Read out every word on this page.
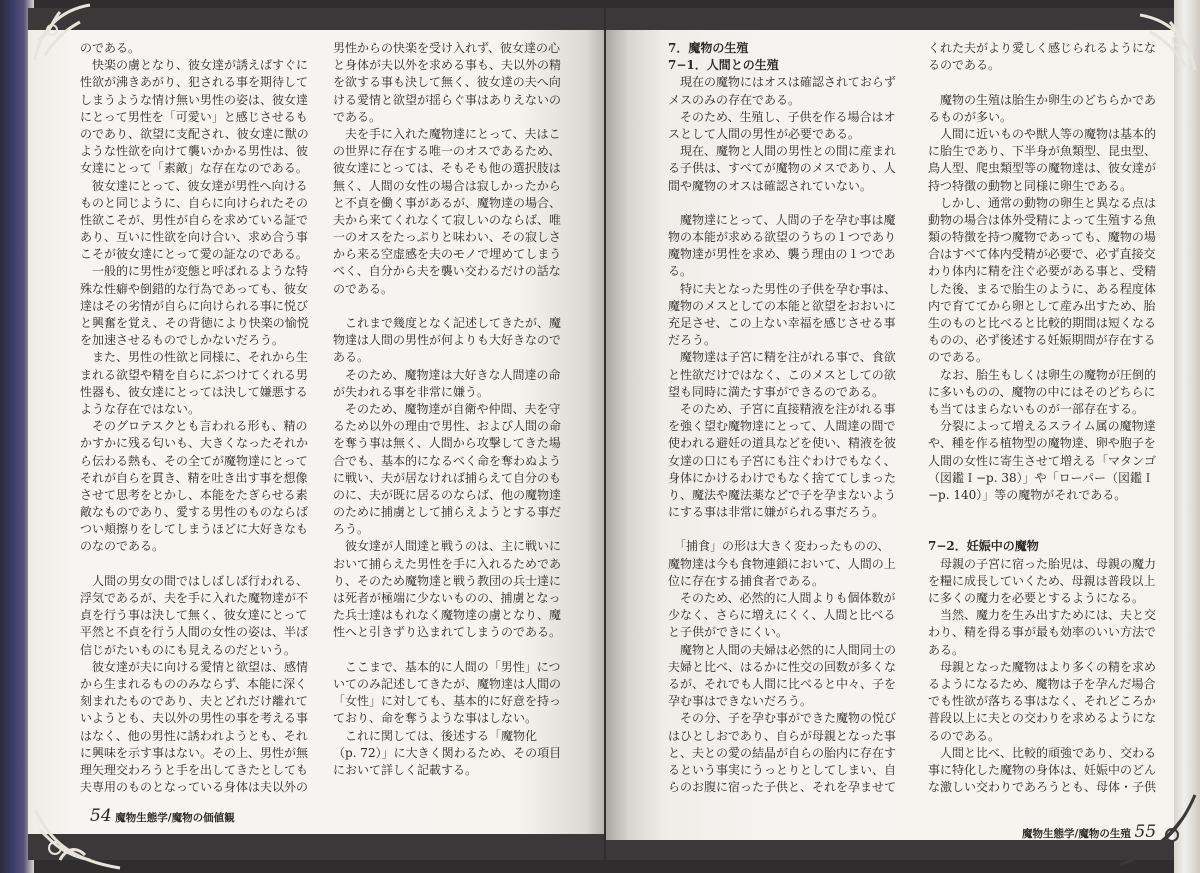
のである。
　快楽の虜となり、彼女達が誘えばすぐに
性欲が沸きあがり、犯される事を期待して
しまうような情け無い男性の姿は、彼女達
にとって男性を「可愛い」と感じさせるも
のであり、欲望に支配され、彼女達に獣の
ような性欲を向けて襲いかかる男性は、彼
女達にとって「素敵」な存在なのである。
　彼女達にとって、彼女達が男性へ向ける
ものと同じように、自らに向けられたその
性欲こそが、男性が自らを求めている証で
あり、互いに性欲を向け合い、求め合う事
こそが彼女達にとって愛の証なのである。
　一般的に男性が変態と呼ばれるような特
殊な性癖や倒錯的な行為であっても、彼女
達はその劣情が自らに向けられる事に悦び
と興奮を覚え、その背徳により快楽の愉悦
を加速させるものでしかないだろう。
　また、男性の性欲と同様に、それから生
まれる欲望や精を自らにぶつけてくれる男
性器も、彼女達にとっては決して嫌悪する
ような存在ではない。
　そのグロテスクとも言われる形も、精の
かすかに残る匂いも、大きくなったそれか
ら伝わる熱も、その全てが魔物達にとって
それが自らを貫き、精を吐き出す事を想像
させて思考をとかし、本能をたぎらせる素
敵なものであり、愛する男性のものならば
つい頬擦りをしてしまうほどに大好きなも
のなのである。
　人間の男女の間ではしばしば行われる、
浮気であるが、夫を手に入れた魔物達が不
貞を行う事は決して無く、彼女達にとって
平然と不貞を行う人間の女性の姿は、半ば
信じがたいものにも見えるのだという。
　彼女達が夫に向ける愛情と欲望は、感情
から生まれるもののみならず、本能に深く
刻まれたものであり、夫とどれだけ離れて
いようとも、夫以外の男性の事を考える事
はなく、他の男性に誘われようとも、それ
に興味を示す事はない。その上、男性が無
理矢理交わろうと手を出してきたとしても
夫専用のものとなっている身体は夫以外の
男性からの快楽を受け入れず、彼女達の心
と身体が夫以外を求める事も、夫以外の精
を欲する事も決して無く、彼女達の夫へ向
ける愛情と欲望が揺らぐ事はありえないの
である。
　夫を手に入れた魔物達にとって、夫はこ
の世界に存在する唯一のオスであるため、
彼女達にとっては、そもそも他の選択肢は
無く、人間の女性の場合は寂しかったから
と不貞を働く事があるが、魔物達の場合、
夫から来てくれなくて寂しいのならば、唯
一のオスをたっぷりと味わい、その寂しさ
から来る空虚感を夫のモノで埋めてしまう
べく、自分から夫を襲い交わるだけの話な
のである。
　これまで幾度となく記述してきたが、魔
物達は人間の男性が何よりも大好きなので
ある。
　そのため、魔物達は大好きな人間達の命
が失われる事を非常に嫌う。
　そのため、魔物達が自衛や仲間、夫を守
るため以外の理由で男性、および人間の命
を奪う事は無く、人間から攻撃してきた場
合でも、基本的になるべく命を奪わぬよう
に戦い、夫が居なければ捕らえて自分のも
のに、夫が既に居るのならば、他の魔物達
のために捕虜として捕らえようとする事だ
ろう。
　彼女達が人間達と戦うのは、主に戦いに
おいて捕らえた男性を手に入れるためであ
り、そのため魔物達と戦う教団の兵士達に
は死者が極端に少ないものの、捕虜となっ
た兵士達はもれなく魔物達の虜となり、魔
性へと引きずり込まれてしまうのである。
　ここまで、基本的に人間の「男性」につ
いてのみ記述してきたが、魔物達は人間の
「女性」に対しても、基本的に好意を持っ
ており、命を奪うような事はしない。
　これに関しては、後述する「魔物化
（p. 72）」に大きく関わるため、その項目
において詳しく記載する。
7．魔物の生殖
7−1．人間との生殖
　現在の魔物にはオスは確認されておらず
メスのみの存在である。
　そのため、生殖し、子供を作る場合はオ
スとして人間の男性が必要である。
　現在、魔物と人間の男性との間に産まれ
る子供は、すべてが魔物のメスであり、人
間や魔物のオスは確認されていない。
　魔物達にとって、人間の子を孕む事は魔
物の本能が求める欲望のうちの１つであり
魔物達が男性を求め、襲う理由の１つであ
る。
　特に夫となった男性の子供を孕む事は、
魔物のメスとしての本能と欲望をおおいに
充足させ、この上ない幸福を感じさせる事
だろう。
　魔物達は子宮に精を注がれる事で、食欲
と性欲だけではなく、このメスとしての欲
望も同時に満たす事ができるのである。
　そのため、子宮に直接精液を注がれる事
を強く望む魔物達にとって、人間達の間で
使われる避妊の道具などを使い、精液を彼
女達の口にも子宮にも注ぐわけでもなく、
身体にかけるわけでもなく捨ててしまった
り、魔法や魔法薬などで子を孕まないよう
にする事は非常に嫌がられる事だろう。
　「捕食」の形は大きく変わったものの、
魔物達は今も食物連鎖において、人間の上
位に存在する捕食者である。
　そのため、必然的に人間よりも個体数が
少なく、さらに増えにくく、人間と比べる
と子供ができにくい。
　魔物と人間の夫婦は必然的に人間同士の
夫婦と比べ、はるかに性交の回数が多くな
るが、それでも人間に比べると中々、子を
孕む事はできないだろう。
　その分、子を孕む事ができた魔物の悦び
はひとしおであり、自らが母親となった事
と、夫との愛の結晶が自らの胎内に存在す
るという事実にうっとりとしてしまい、自
らのお腹に宿った子供と、それを孕ませて
くれた夫がより愛しく感じられるようにな
るのである。
　魔物の生殖は胎生か卵生のどちらかであ
るものが多い。
　人間に近いものや獣人等の魔物は基本的
に胎生であり、下半身が魚類型、昆虫型、
鳥人型、爬虫類型等の魔物達は、彼女達が
持つ特徴の動物と同様に卵生である。
　しかし、通常の動物の卵生と異なる点は
動物の場合は体外受精によって生殖する魚
類の特徴を持つ魔物であっても、魔物の場
合はすべて体内受精が必要で、必ず直接交
わり体内に精を注ぐ必要がある事と、受精
した後、まるで胎生のように、ある程度体
内で育ててから卵として産み出すため、胎
生のものと比べると比較的期間は短くなる
ものの、必ず後述する妊娠期間が存在する
のである。
　なお、胎生もしくは卵生の魔物が圧倒的
に多いものの、魔物の中にはそのどちらに
も当てはまらないものが一部存在する。
　分裂によって増えるスライム属の魔物達
や、種を作る植物型の魔物達、卵や胞子を
人間の女性に寄生させて増える「マタンゴ
（図鑑Ｉ−p. 38）」や「ローパー（図鑑Ｉ
−p. 140）」等の魔物がそれである。
7−2．妊娠中の魔物
　母親の子宮に宿った胎児は、母親の魔力
を糧に成長していくため、母親は普段以上
に多くの魔力を必要とするようになる。
　当然、魔力を生み出すためには、夫と交
わり、精を得る事が最も効率のいい方法で
ある。
　母親となった魔物はより多くの精を求め
るようになるため、魔物は子を孕んだ場合
でも性欲が落ちる事はなく、それどころか
普段以上に夫との交わりを求めるようにな
るのである。
　人間と比べ、比較的頑強であり、交わる
事に特化した魔物の身体は、妊娠中のどん
な激しい交わりであろうとも、母体・子供
54 魔物生態学/魔物の価値観
魔物生態学/魔物の生殖 55
